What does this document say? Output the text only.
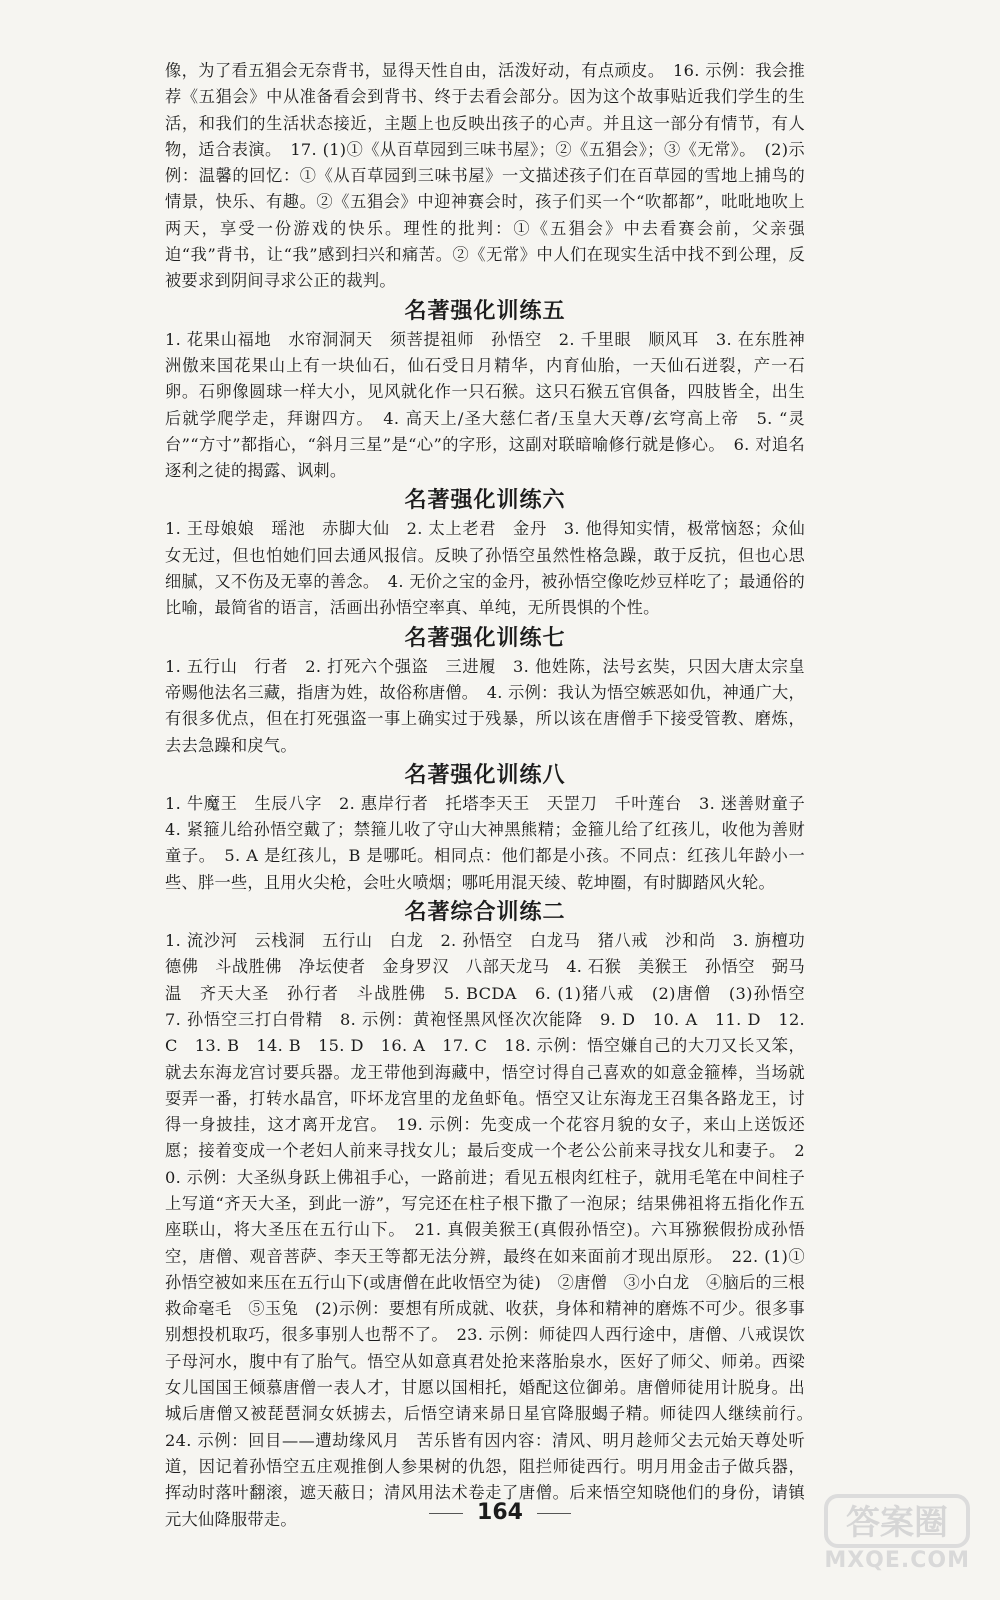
像，为了看五猖会无奈背书，显得天性自由，活泼好动，有点顽皮。　16. 示例：我会推荐《五猖会》中从准备看会到背书、终于去看会部分。因为这个故事贴近我们学生的生活，和我们的生活状态接近，主题上也反映出孩子的心声。并且这一部分有情节，有人物，适合表演。　17. (1)①《从百草园到三味书屋》；②《五猖会》；③《无常》。　(2)示例：温馨的回忆：①《从百草园到三味书屋》一文描述孩子们在百草园的雪地上捕鸟的情景，快乐、有趣。②《五猖会》中迎神赛会时，孩子们买一个“吹都都”，吡吡地吹上两天，享受一份游戏的快乐。理性的批判：①《五猖会》中去看赛会前，父亲强迫“我”背书，让“我”感到扫兴和痛苦。②《无常》中人们在现实生活中找不到公理，反被要求到阴间寻求公正的裁判。

名著强化训练五

1. 花果山福地　水帘洞洞天　须菩提祖师　孙悟空　2. 千里眼　顺风耳　3. 在东胜神洲傲来国花果山上有一块仙石，仙石受日月精华，内育仙胎，一天仙石迸裂，产一石卵。石卵像圆球一样大小，见风就化作一只石猴。这只石猴五官俱备，四肢皆全，出生后就学爬学走，拜谢四方。　4. 高天上/圣大慈仁者/玉皇大天尊/玄穹高上帝　5. “灵台”“方寸”都指心，“斜月三星”是“心”的字形，这副对联暗喻修行就是修心。　6. 对追名逐利之徒的揭露、讽刺。

名著强化训练六

1. 王母娘娘　瑶池　赤脚大仙　2. 太上老君　金丹　3. 他得知实情，极常恼怒；众仙女无过，但也怕她们回去通风报信。反映了孙悟空虽然性格急躁，敢于反抗，但也心思细腻，又不伤及无辜的善念。　4. 无价之宝的金丹，被孙悟空像吃炒豆样吃了；最通俗的比喻，最简省的语言，活画出孙悟空率真、单纯，无所畏惧的个性。

名著强化训练七

1. 五行山　行者　2. 打死六个强盗　三进履　3. 他姓陈，法号玄奘，只因大唐太宗皇帝赐他法名三藏，指唐为姓，故俗称唐僧。　4. 示例：我认为悟空嫉恶如仇，神通广大，有很多优点，但在打死强盗一事上确实过于残暴，所以该在唐僧手下接受管教、磨炼，去去急躁和戾气。

名著强化训练八

1. 牛魔王　生辰八字　2. 惠岸行者　托塔李天王　天罡刀　千叶莲台　3. 迷善财童子　4. 紧箍儿给孙悟空戴了；禁箍儿收了守山大神黑熊精；金箍儿给了红孩儿，收他为善财童子。　5. A 是红孩儿，B 是哪吒。相同点：他们都是小孩。不同点：红孩儿年龄小一些、胖一些，且用火尖枪，会吐火喷烟；哪吒用混天绫、乾坤圈，有时脚踏风火轮。

名著综合训练二

1. 流沙河　云栈洞　五行山　白龙　2. 孙悟空　白龙马　猪八戒　沙和尚　3. 旃檀功德佛　斗战胜佛　净坛使者　金身罗汉　八部天龙马　4. 石猴　美猴王　孙悟空　弼马温　齐天大圣　孙行者　斗战胜佛　5. BCDA　6. (1)猪八戒　(2)唐僧　(3)孙悟空　7. 孙悟空三打白骨精　8. 示例：黄袍怪黑风怪次次能降　9. D　10. A　11. D　12. C　13. B　14. B　15. D　16. A　17. C　18. 示例：悟空嫌自己的大刀又长又笨，就去东海龙宫讨要兵器。龙王带他到海藏中，悟空讨得自己喜欢的如意金箍棒，当场就耍弄一番，打转水晶宫，吓坏龙宫里的龙鱼虾龟。悟空又让东海龙王召集各路龙王，讨得一身披挂，这才离开龙宫。　19. 示例：先变成一个花容月貌的女子，来山上送饭还愿；接着变成一个老妇人前来寻找女儿；最后变成一个老公公前来寻找女儿和妻子。　20. 示例：大圣纵身跃上佛祖手心，一路前进；看见五根肉红柱子，就用毛笔在中间柱子上写道“齐天大圣，到此一游”，写完还在柱子根下撒了一泡尿；结果佛祖将五指化作五座联山，将大圣压在五行山下。　21. 真假美猴王(真假孙悟空)。六耳猕猴假扮成孙悟空，唐僧、观音菩萨、李天王等都无法分辨，最终在如来面前才现出原形。　22. (1)①孙悟空被如来压在五行山下(或唐僧在此收悟空为徒)　②唐僧　③小白龙　④脑后的三根救命毫毛　⑤玉兔　(2)示例：要想有所成就、收获，身体和精神的磨炼不可少。很多事别想投机取巧，很多事别人也帮不了。　23. 示例：师徒四人西行途中，唐僧、八戒误饮子母河水，腹中有了胎气。悟空从如意真君处抢来落胎泉水，医好了师父、师弟。西梁女儿国国王倾慕唐僧一表人才，甘愿以国相托，婚配这位御弟。唐僧师徒用计脱身。出城后唐僧又被琵琶洞女妖掳去，后悟空请来昴日星官降服蝎子精。师徒四人继续前行。　24. 示例：回目——遭劫缘风月　苦乐皆有因内容：清风、明月趁师父去元始天尊处听道，因记着孙悟空五庄观推倒人参果树的仇怨，阻拦师徒西行。明月用金击子做兵器，挥动时落叶翻滚，遮天蔽日；清风用法术卷走了唐僧。后来悟空知晓他们的身份，请镇元大仙降服带走。	164	答案圈
MXQE.COM
